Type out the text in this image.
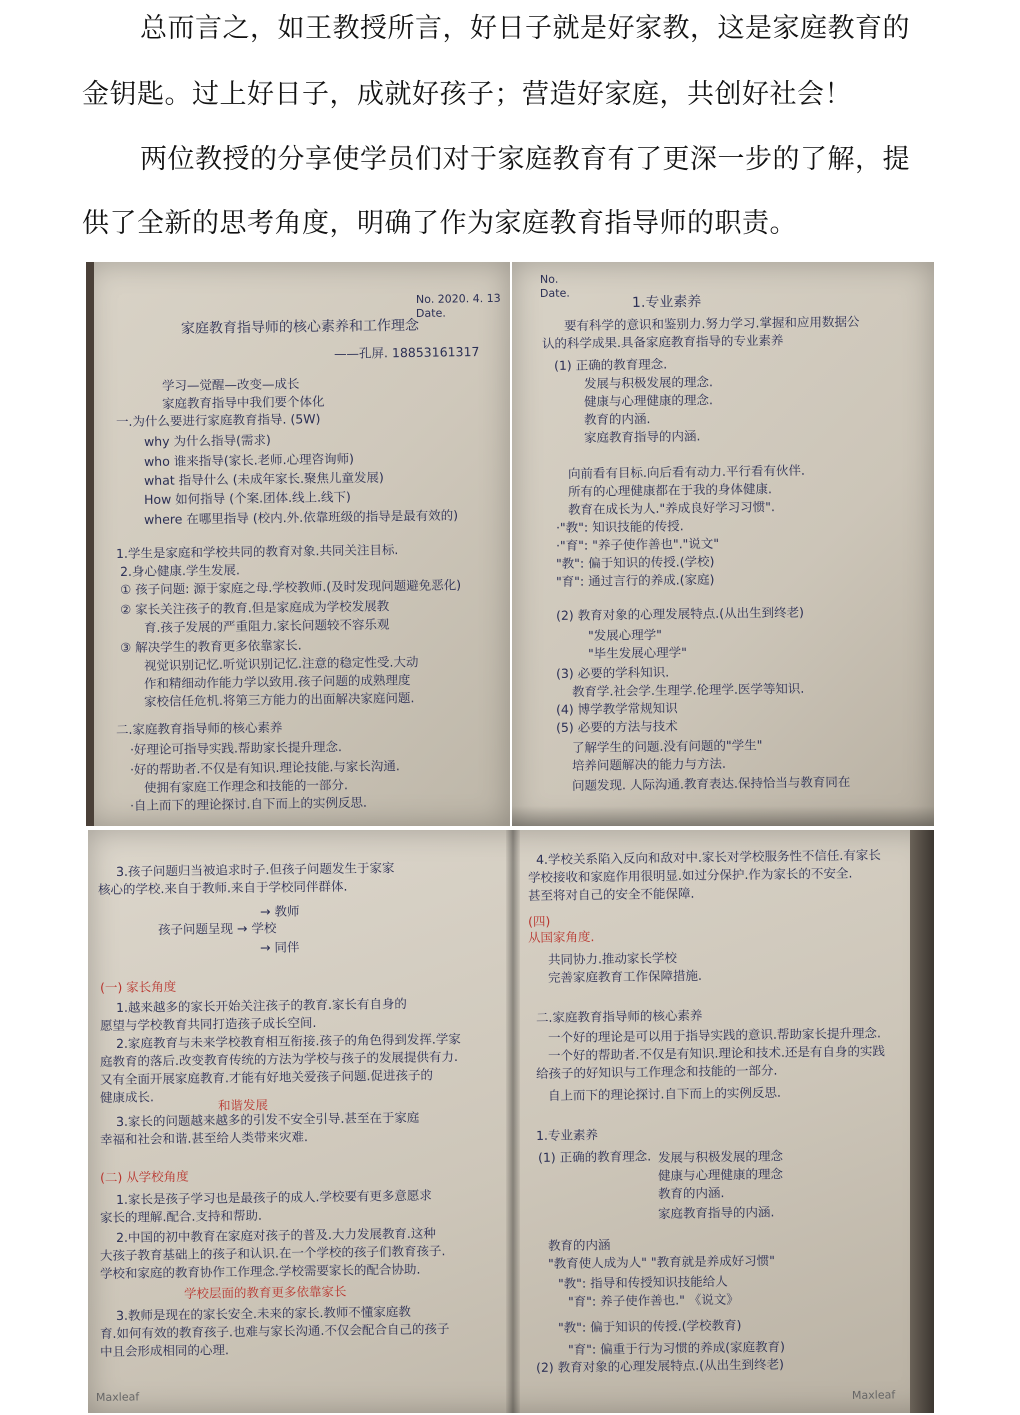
总而言之，如王教授所言，好日子就是好家教，这是家庭教育的
金钥匙。过上好日子，成就好孩子；营造好家庭，共创好社会！
两位教授的分享使学员们对于家庭教育有了更深一步的了解，提
供了全新的思考角度，明确了作为家庭教育指导师的职责。
No. 2020. 4. 13
Date.
家庭教育指导师的核心素养和工作理念
——孔屏. 18853161317
学习—觉醒—改变—成长
家庭教育指导中我们要个体化
一.为什么要进行家庭教育指导. (5W)
why 为什么指导(需求)
who 谁来指导(家长.老师.心理咨询师)
what 指导什么 (未成年家长.聚焦儿童发展)
How 如何指导 (个案.团体.线上.线下)
where 在哪里指导 (校内.外.依靠班级的指导是最有效的)
1.学生是家庭和学校共同的教育对象.共同关注目标.
2.身心健康.学生发展.
① 孩子问题: 源于家庭之母.学校教师.(及时发现问题避免恶化)
② 家长关注孩子的教育.但是家庭成为学校发展教
育.孩子发展的严重阻力.家长问题较不容乐观
③ 解决学生的教育更多依靠家长.
视觉识别记忆.听觉识别记忆.注意的稳定性受.大动
作和精细动作能力学以致用.孩子问题的成熟理度
家校信任危机.将第三方能力的出面解决家庭问题.
二.家庭教育指导师的核心素养
·好理论可指导实践.帮助家长提升理念.
·好的帮助者.不仅是有知识.理论技能.与家长沟通.
使拥有家庭工作理念和技能的一部分.
·自上而下的理论探讨.自下而上的实例反思.
No.
Date.
1.专业素养
要有科学的意识和鉴别力.努力学习.掌握和应用数据公
认的科学成果.具备家庭教育指导的专业素养
(1) 正确的教育理念.
发展与积极发展的理念.
健康与心理健康的理念.
教育的内涵.
家庭教育指导的内涵.
向前看有目标.向后看有动力.平行看有伙伴.
所有的心理健康都在于我的身体健康.
教育在成长为人."养成良好学习习惯".
·"教": 知识技能的传授.
·"育": "养子使作善也"."说文"
"教": 偏于知识的传授.(学校)
"育": 通过言行的养成.(家庭)
(2) 教育对象的心理发展特点.(从出生到终老)
"发展心理学"
"毕生发展心理学"
(3) 必要的学科知识.
教育学.社会学.生理学.伦理学.医学等知识.
(4) 博学教学常规知识
(5) 必要的方法与技术
了解学生的问题.没有问题的"学生"
培养问题解决的能力与方法.
问题发现. 人际沟通.教育表达.保持恰当与教育同在
3.孩子问题归当被追求时子.但孩子问题发生于家家
核心的学校.来自于教师.来自于学校同伴群体.
孩子问题呈现 → 学校
→ 教师
→ 同伴
(一) 家长角度
1.越来越多的家长开始关注孩子的教育.家长有自身的
愿望与学校教育共同打造孩子成长空间.
2.家庭教育与未来学校教育相互衔接.孩子的角色得到发挥.学家
庭教育的落后.改变教育传统的方法为学校与孩子的发展提供有力.
又有全面开展家庭教育.才能有好地关爱孩子问题.促进孩子的
健康成长.
和谐发展
3.家长的问题越来越多的引发不安全引导.甚至在于家庭
幸福和社会和谐.甚至给人类带来灾难.
(二) 从学校角度
1.家长是孩子学习也是最孩子的成人.学校要有更多意愿求
家长的理解.配合.支持和帮助.
2.中国的初中教育在家庭对孩子的普及.大力发展教育.这种
大孩子教育基础上的孩子和认识.在一个学校的孩子们教育孩子.
学校和家庭的教育协作工作理念.学校需要家长的配合协助.
学校层面的教育更多依靠家长
3.教师是现在的家长安全.未来的家长.教师不懂家庭教
育.如何有效的教育孩子.也难与家长沟通.不仅会配合自己的孩子
中且会形成相同的心理.
Maxleaf
4.学校关系陷入反向和敌对中.家长对学校服务性不信任.有家长
学校接收和家庭作用很明显.如过分保护.作为家长的不安全.
甚至将对自己的安全不能保障.
(四)
从国家角度.
共同协力.推动家长学校
完善家庭教育工作保障措施.
二.家庭教育指导师的核心素养
一个好的理论是可以用于指导实践的意识.帮助家长提升理念.
一个好的帮助者.不仅是有知识.理论和技术.还是有自身的实践
给孩子的好知识与工作理念和技能的一部分.
自上而下的理论探讨.自下而上的实例反思.
1.专业素养
(1) 正确的教育理念. 发展与积极发展的理念
健康与心理健康的理念
教育的内涵.
家庭教育指导的内涵.
教育的内涵
"教育使人成为人" "教育就是养成好习惯"
"教": 指导和传授知识技能给人
"育": 养子使作善也." 《说文》
"教": 偏于知识的传授.(学校教育)
"育": 偏重于行为习惯的养成(家庭教育)
(2) 教育对象的心理发展特点.(从出生到终老)
Maxleaf
